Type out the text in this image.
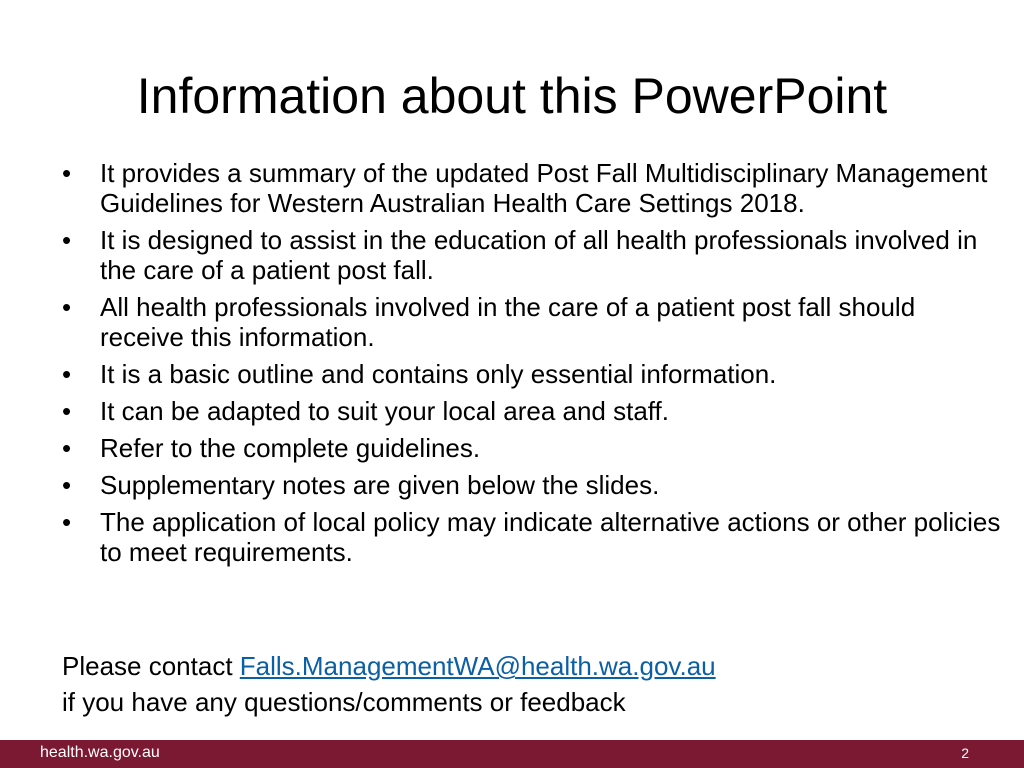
Information about this PowerPoint
• It provides a summary of the updated Post Fall Multidisciplinary Management Guidelines for Western Australian Health Care Settings 2018.
• It is designed to assist in the education of all health professionals involved in the care of a patient post fall.
• All health professionals involved in the care of a patient post fall should receive this information.
• It is a basic outline and contains only essential information.
• It can be adapted to suit your local area and staff.
• Refer to the complete guidelines.
• Supplementary notes are given below the slides.
• The application of local policy may indicate alternative actions or other policies to meet requirements.
Please contact Falls.ManagementWA@health.wa.gov.au
if you have any questions/comments or feedback
health.wa.gov.au	2
